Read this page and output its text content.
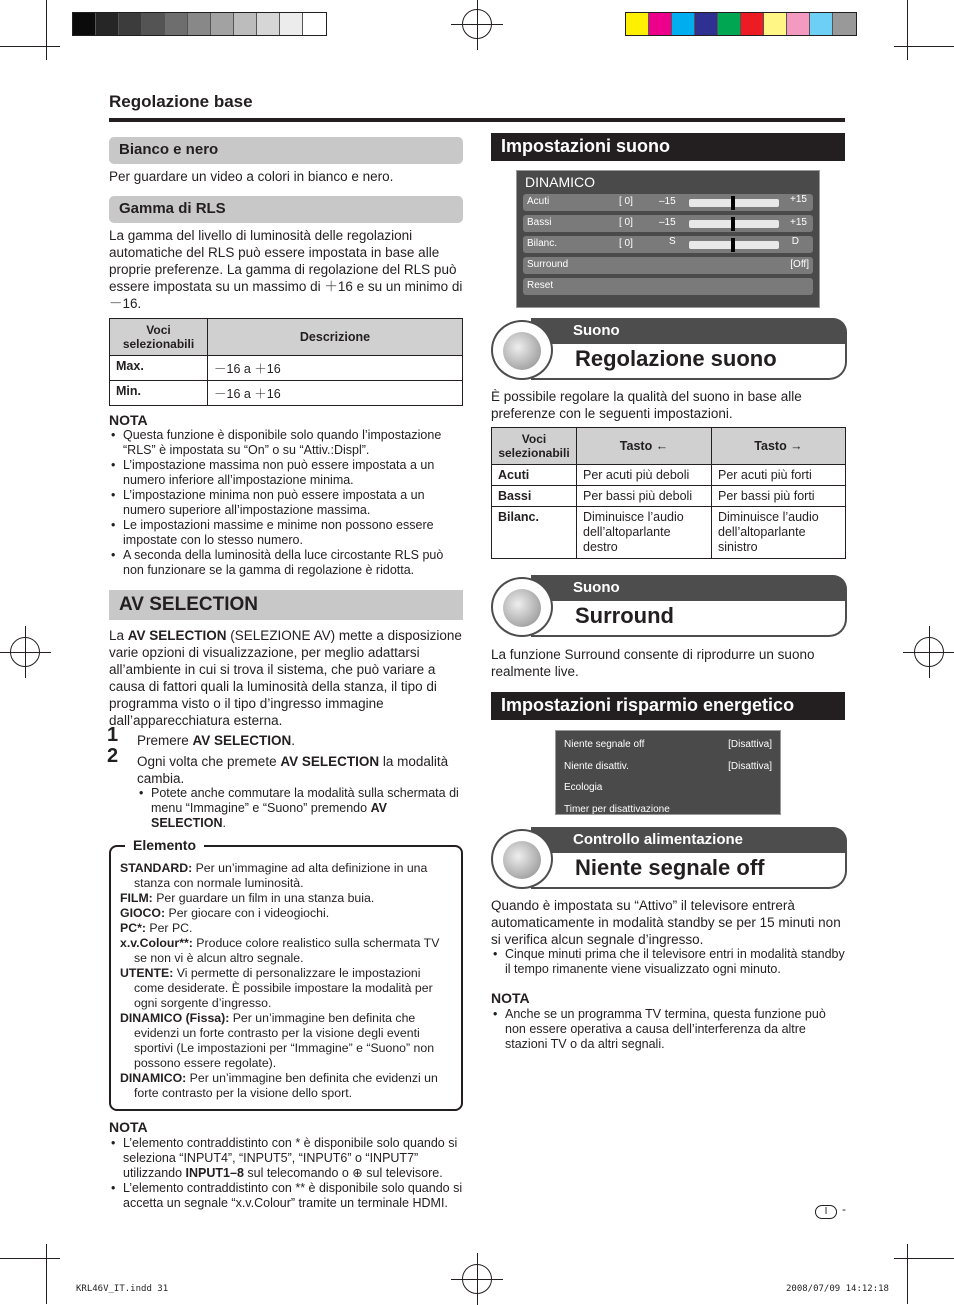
Regolazione base
Bianco e nero

Per guardare un video a colori in bianco e nero.

Gamma di RLS

La gamma del livello di luminosità delle regolazioni automatiche del RLS può essere impostata in base alle proprie preferenze. La gamma di regolazione del RLS può essere impostata su un massimo di ＋16 e su un minimo di －16.

Voci selezionabili	Descrizione
Max.	－16 a ＋16
Min.	－16 a ＋16
NOTA
• Questa funzione è disponibile solo quando l’impostazione “RLS” è impostata su “On” o su “Attiv.:Displ”.
• L’impostazione massima non può essere impostata a un numero inferiore all’impostazione minima.
• L’impostazione minima non può essere impostata a un numero superiore all’impostazione massima.
• Le impostazioni massime e minime non possono essere impostate con lo stesso numero.
• A seconda della luminosità della luce circostante RLS può non funzionare se la gamma di regolazione è ridotta.
AV SELECTION

La AV SELECTION (SELEZIONE AV) mette a disposizione varie opzioni di visualizzazione, per meglio adattarsi all’ambiente in cui si trova il sistema, che può variare a causa di fattori quali la luminosità della stanza, il tipo di programma visto o il tipo d’ingresso immagine dall’apparecchiatura esterna.

1 Premere AV SELECTION.
2 Ogni volta che premete AV SELECTION la modalità cambia.
• Potete anche commutare la modalità sulla schermata di menu “Immagine” e “Suono” premendo AV SELECTION.
Elemento
STANDARD: Per un’immagine ad alta definizione in una stanza con normale luminosità.
FILM: Per guardare un film in una stanza buia.
GIOCO: Per giocare con i videogiochi.
PC*: Per PC.
x.v.Colour**: Produce colore realistico sulla schermata TV se non vi è alcun altro segnale.
UTENTE: Vi permette di personalizzare le impostazioni come desiderate. È possibile impostare la modalità per ogni sorgente d’ingresso.
DINAMICO (Fissa): Per un’immagine ben definita che evidenzi un forte contrasto per la visione degli eventi sportivi (Le impostazioni per “Immagine” e “Suono” non possono essere regolate).
DINAMICO: Per un’immagine ben definita che evidenzi un forte contrasto per la visione dello sport.
NOTA
• L’elemento contraddistinto con * è disponibile solo quando si seleziona “INPUT4”, “INPUT5”, “INPUT6” o “INPUT7” utilizzando INPUT1–8 sul telecomando o ⊕ sul televisore.
• L’elemento contraddistinto con ** è disponibile solo quando si accetta un segnale “x.v.Colour” tramite un terminale HDMI.
Impostazioni suono
DINAMICO
Acuti	[ 0]	–15	+15
Bassi	[ 0]	–15	+15
Bilanc.	[ 0]	S	D
Surround	[Off]
Reset
Suono
Regolazione suono

È possibile regolare la qualità del suono in base alle preferenze con le seguenti impostazioni.

Voci selezionabili	Tasto ←	Tasto →
Acuti	Per acuti più deboli	Per acuti più forti
Bassi	Per bassi più deboli	Per bassi più forti
Bilanc.	Diminuisce l’audio dell’altoparlante destro	Diminuisce l’audio dell’altoparlante sinistro
Suono
Surround

La funzione Surround consente di riprodurre un suono realmente live.

Impostazioni risparmio energetico
Niente segnale off	[Disattiva]
Niente disattiv.	[Disattiva]
Ecologia
Timer per disattivazione
Controllo alimentazione
Niente segnale off

Quando è impostata su “Attivo” il televisore entrerà automaticamente in modalità standby se per 15 minuti non si verifica alcun segnale d’ingresso.

• Cinque minuti prima che il televisore entri in modalità standby il tempo rimanente viene visualizzato ogni minuto.
NOTA
• Anche se un programma TV termina, questa funzione può non essere operativa a causa dell’interferenza da altre stazioni TV o da altri segnali.
I	-
KRL46V_IT.indd 31	2008/07/09 14:12:18
